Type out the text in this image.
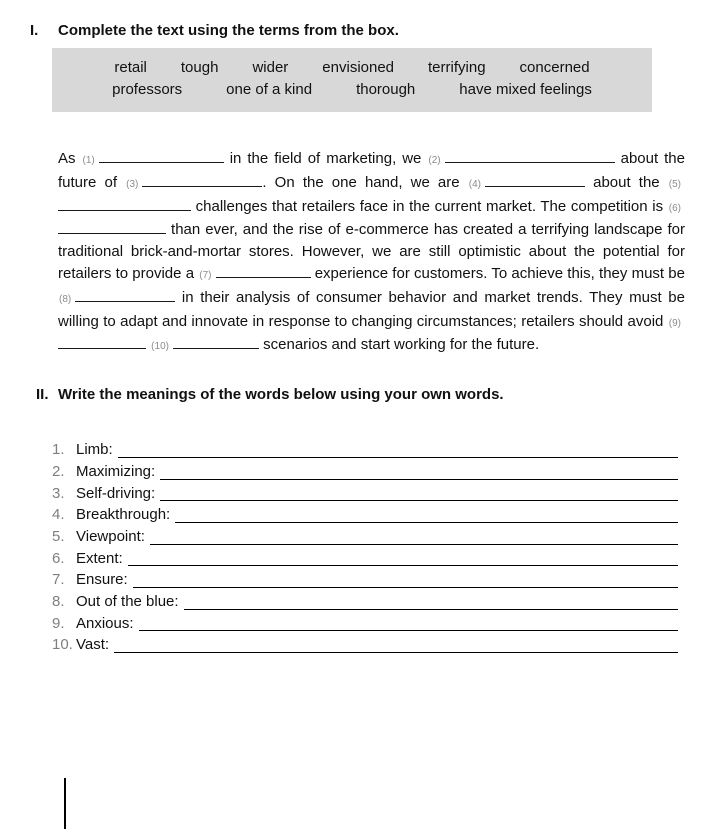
I.	Complete the text using the terms from the box.
retail tough wider envisioned terrifying concerned
professors	one of a kind	thorough	have mixed feelings

As (1)	in the field of marketing, we (2)	about the future of (3)	. On the one hand, we are (4)	about the (5) challenges that retailers face in the current market. The competition is (6) than ever, and the rise of e-commerce has created a terrifying landscape for traditional brick-and-mortar stores. However, we are still optimistic about the potential for retailers to provide a (7)	experience for customers. To achieve this, they must be (8)	in their analysis of consumer behavior and market trends. They must be willing to adapt and innovate in response to changing circumstances; retailers should avoid (9) (10)	scenarios and start working for the future.

II. Write the meanings of the words below using your own words.
1. Limb:
2. Maximizing:
3. Self-driving:
4. Breakthrough:
5. Viewpoint:
6. Extent:
7. Ensure:
8. Out of the blue:
9. Anxious:
10. Vast:
